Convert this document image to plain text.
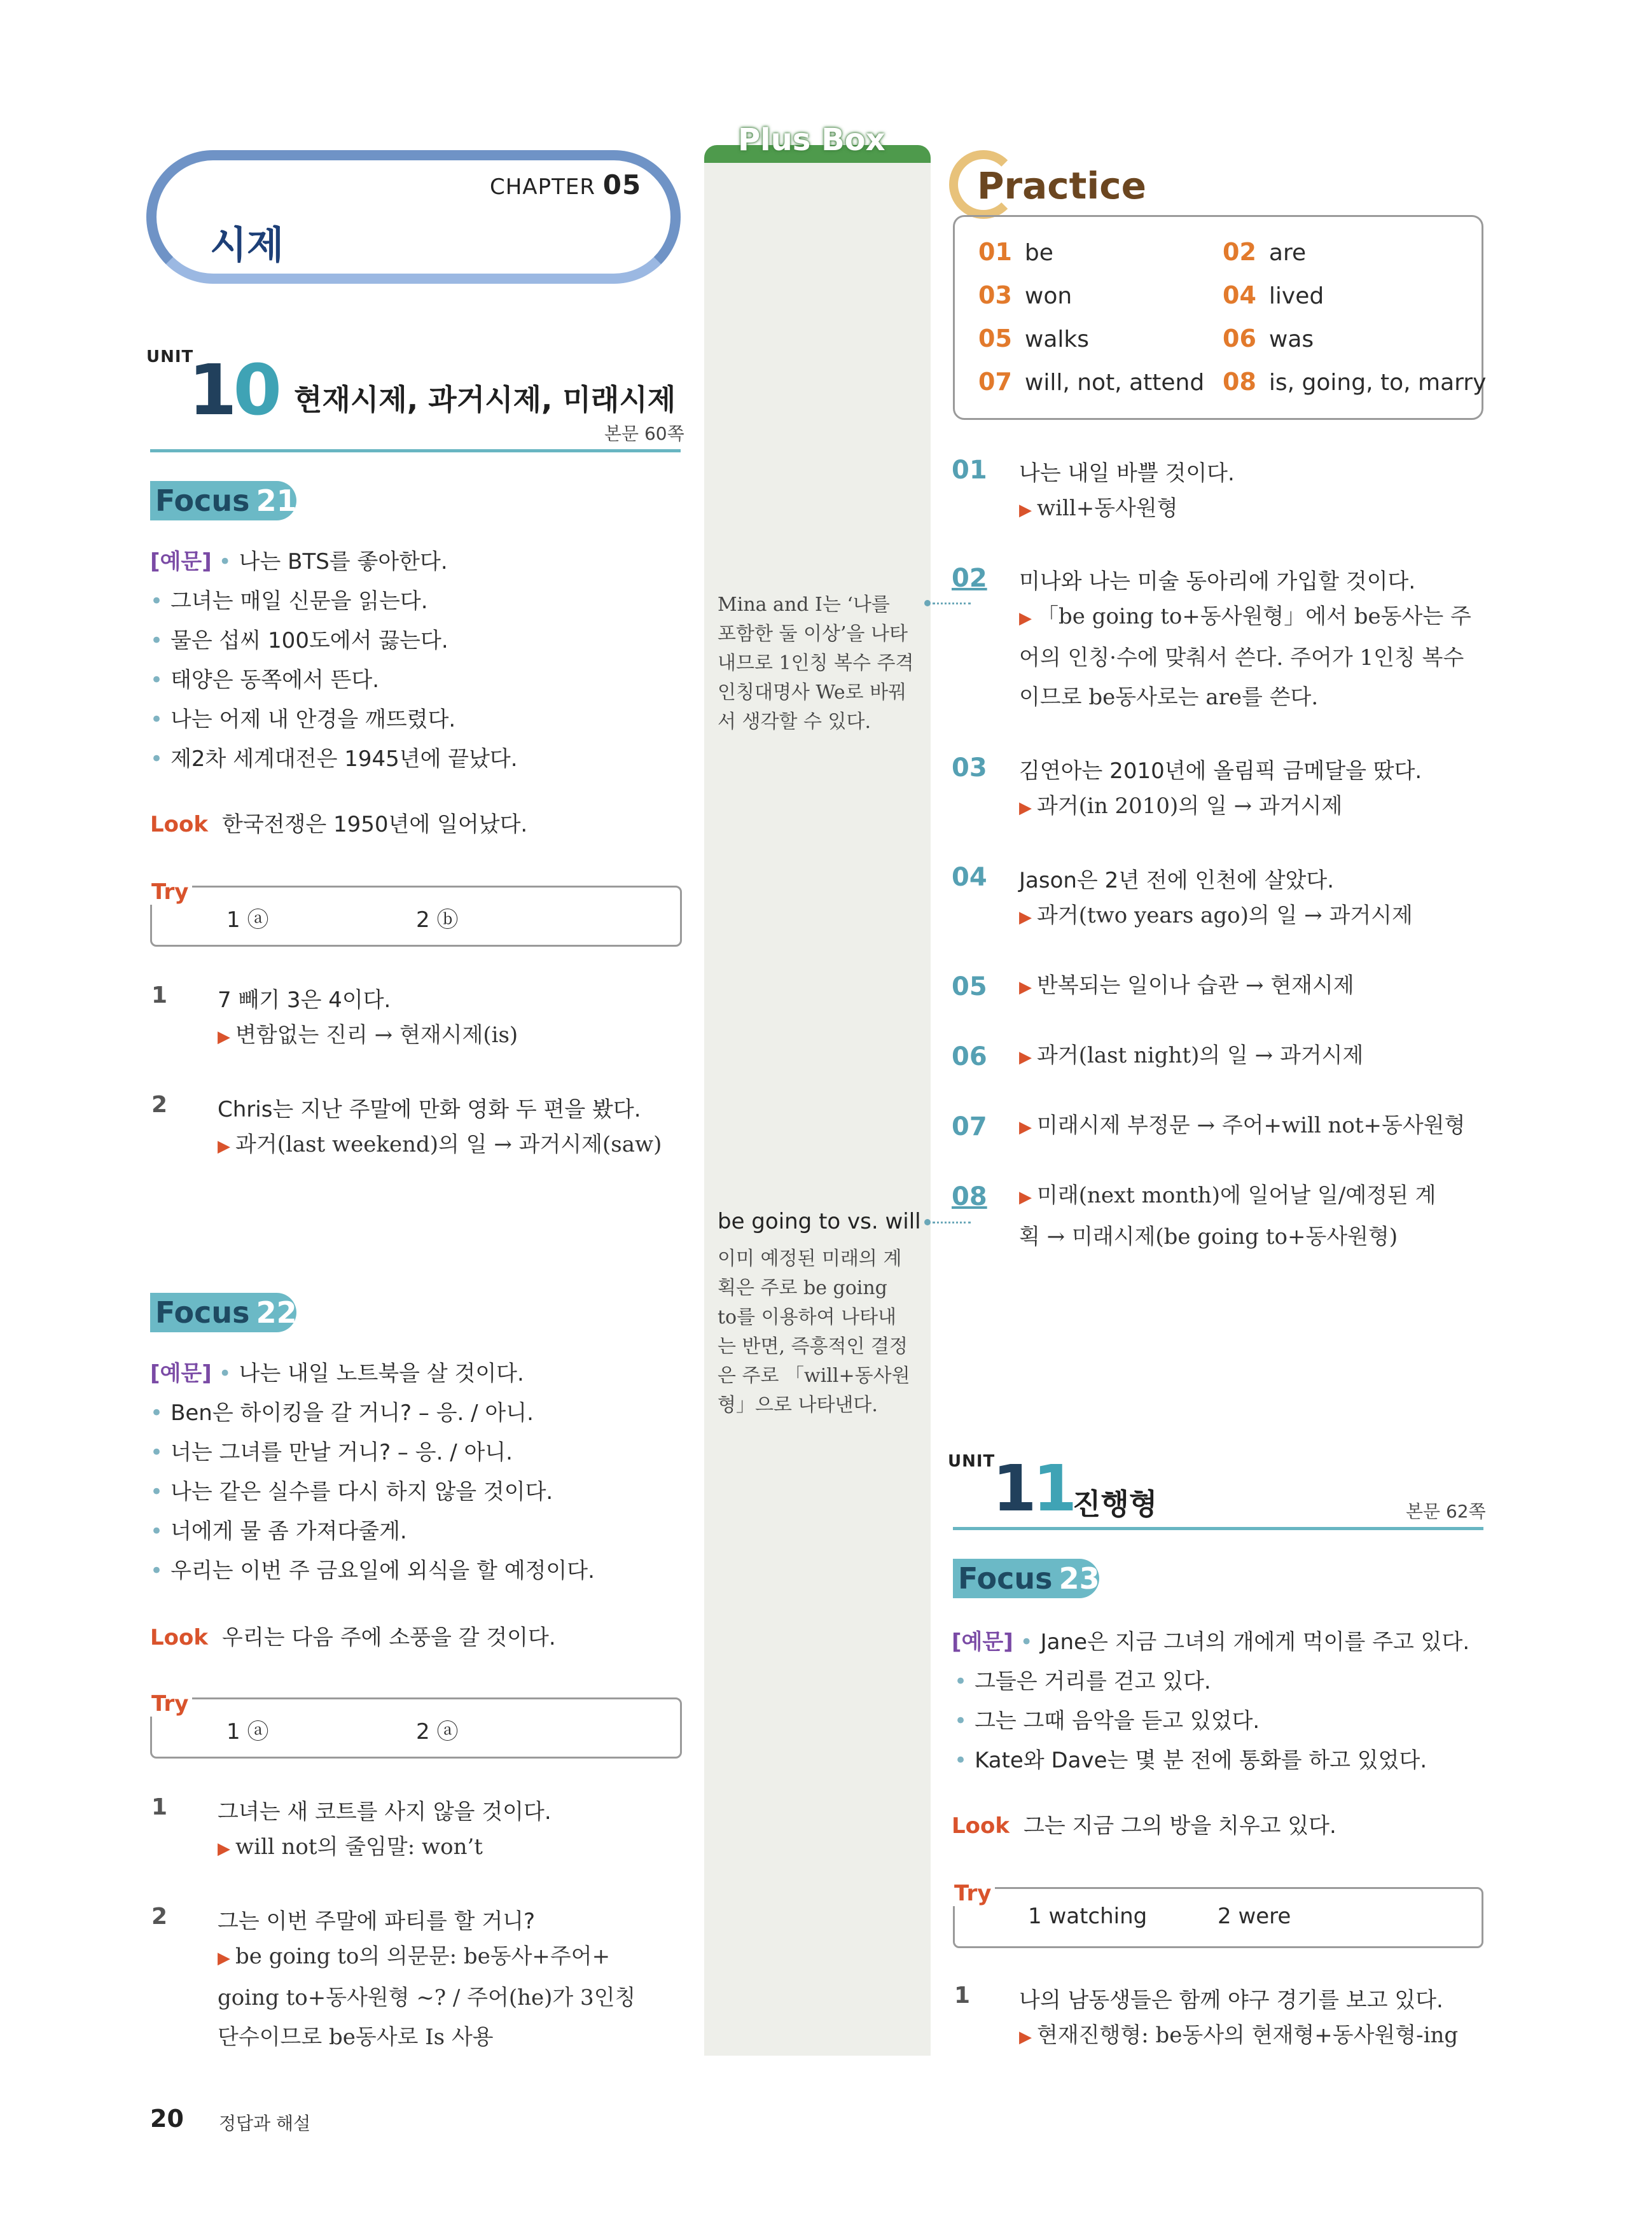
CHAPTER 05
시제
UNIT
10 현재시제, 과거시제, 미래시제
본문 60쪽
Focus 21
[예문] • 나는 BTS를 좋아한다.
• 그녀는 매일 신문을 읽는다.
• 물은 섭씨 100도에서 끓는다.
• 태양은 동쪽에서 뜬다.
• 나는 어제 내 안경을 깨뜨렸다.
• 제2차 세계대전은 1945년에 끝났다.
Look 한국전쟁은 1950년에 일어났다.
Try
1 ⓐ	2 ⓑ
1 7 빼기 3은 4이다.
▶ 변함없는 진리 → 현재시제(is)
2 Chris는 지난 주말에 만화 영화 두 편을 봤다.
▶ 과거(last weekend)의 일 → 과거시제(saw)
Focus 22
[예문] • 나는 내일 노트북을 살 것이다.
• Ben은 하이킹을 갈 거니? – 응. / 아니.
• 너는 그녀를 만날 거니? – 응. / 아니.
• 나는 같은 실수를 다시 하지 않을 것이다.
• 너에게 물 좀 가져다줄게.
• 우리는 이번 주 금요일에 외식을 할 예정이다.
Look 우리는 다음 주에 소풍을 갈 것이다.
Try
1 ⓐ	2 ⓐ
1 그녀는 새 코트를 사지 않을 것이다.
▶ will not의 줄임말: won’t
2 그는 이번 주말에 파티를 할 거니?
▶ be going to의 의문문: be동사+주어+
going to+동사원형 ~? / 주어(he)가 3인칭
단수이므로 be동사로 Is 사용
Plus Box
Mina and I는 ‘나를
포함한 둘 이상’을 나타
내므로 1인칭 복수 주격
인칭대명사 We로 바꿔
서 생각할 수 있다.
be going to vs. will
이미 예정된 미래의 계
획은 주로 be going
to를 이용하여 나타내
는 반면, 즉흥적인 결정
은 주로 「will+동사원
형」으로 나타낸다.
Practice
01 be	02 are
03 won	04 lived
05 walks	06 was
07 will, not, attend 08 is, going, to, marry
01 나는 내일 바쁠 것이다.
▶ will+동사원형
02 미나와 나는 미술 동아리에 가입할 것이다.
▶ 「be going to+동사원형」에서 be동사는 주
어의 인칭·수에 맞춰서 쓴다. 주어가 1인칭 복수
이므로 be동사로는 are를 쓴다.
03 김연아는 2010년에 올림픽 금메달을 땄다.
▶ 과거(in 2010)의 일 → 과거시제
04 Jason은 2년 전에 인천에 살았다.
▶ 과거(two years ago)의 일 → 과거시제
05 ▶ 반복되는 일이나 습관 → 현재시제
06 ▶ 과거(last night)의 일 → 과거시제
07 ▶ 미래시제 부정문 → 주어+will not+동사원형
08 ▶ 미래(next month)에 일어날 일/예정된 계
획 → 미래시제(be going to+동사원형)
UNIT
11
진행형	본문 62쪽
Focus 23
[예문] • Jane은 지금 그녀의 개에게 먹이를 주고 있다.
• 그들은 거리를 걷고 있다.
• 그는 그때 음악을 듣고 있었다.
• Kate와 Dave는 몇 분 전에 통화를 하고 있었다.
Look 그는 지금 그의 방을 치우고 있다.
Try
1 watching	2 were
1 나의 남동생들은 함께 야구 경기를 보고 있다.
▶ 현재진행형: be동사의 현재형+동사원형-ing
20 정답과 해설
